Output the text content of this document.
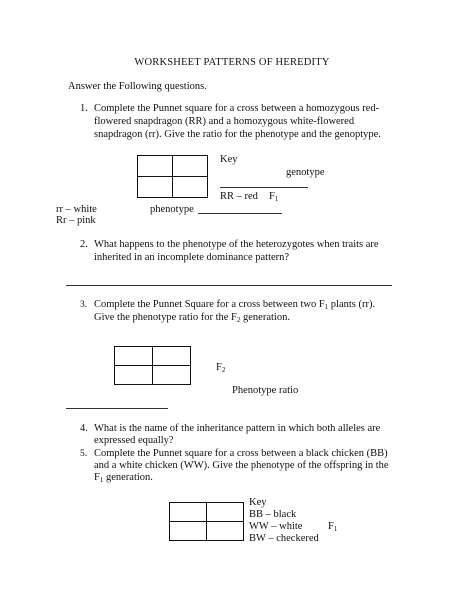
WORKSHEET PATTERNS OF HEREDITY
Answer the Following questions.
1. Complete the Punnet square for a cross between a homozygous red-
flowered snapdragon (RR) and a homozygous white-flowered
snapdragon (rr). Give the ratio for the phenotype and the genoptype.

Key
genotype
RR – red $F_1$
rr – white	phenotype
Rr – pink
2. What happens to the phenotype of the heterozygotes when traits are
inherited in an incomplete dominance pattern?
3. Complete the Punnet Square for a cross between two $F_1$ plants (rr).
Give the phenotype ratio for the $F_2$ generation.

$F_2$
Phenotype ratio
4. What is the name of the inheritance pattern in which both alleles are
expressed equally?
5. Complete the Punnet square for a cross between a black chicken (BB)
and a white chicken (WW). Give the phenotype of the offspring in the
$F_1$ generation.
Key
BB – black

WW – white $F_1$
BW – checkered
